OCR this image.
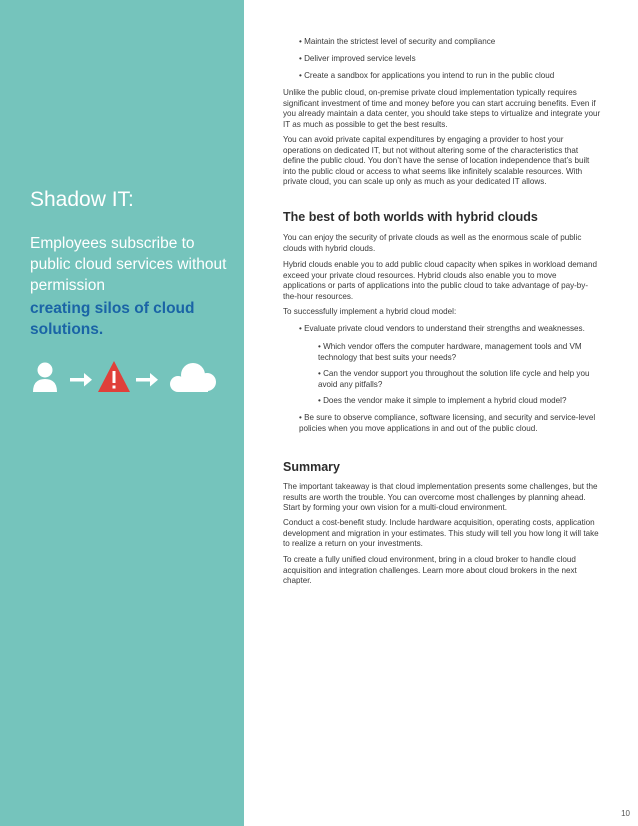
Shadow IT:
Employees subscribe to public cloud services without permission
creating silos of cloud solutions.
• Maintain the strictest level of security and compliance
• Deliver improved service levels
• Create a sandbox for applications you intend to run in the public cloud
Unlike the public cloud, on-premise private cloud implementation typically requires significant investment of time and money before you can start accruing benefits. Even if you already maintain a data center, you should take steps to virtualize and integrate your IT as much as possible to get the best results.
You can avoid private capital expenditures by engaging a provider to host your operations on dedicated IT, but not without altering some of the characteristics that define the public cloud. You don’t have the sense of location independence that’s built into the public cloud or access to what seems like infinitely scalable resources. With private cloud, you can scale up only as much as your dedicated IT allows.
The best of both worlds with hybrid clouds
You can enjoy the security of private clouds as well as the enormous scale of public clouds with hybrid clouds.
Hybrid clouds enable you to add public cloud capacity when spikes in workload demand exceed your private cloud resources. Hybrid clouds also enable you to move applications or parts of applications into the public cloud to take advantage of pay-by-the-hour resources.
To successfully implement a hybrid cloud model:
• Evaluate private cloud vendors to understand their strengths and weaknesses.
• Which vendor offers the computer hardware, management tools and VM technology that best suits your needs?
• Can the vendor support you throughout the solution life cycle and help you avoid any pitfalls?
• Does the vendor make it simple to implement a hybrid cloud model?
• Be sure to observe compliance, software licensing, and security and service-level policies when you move applications in and out of the public cloud.
Summary
The important takeaway is that cloud implementation presents some challenges, but the results are worth the trouble. You can overcome most challenges by planning ahead. Start by forming your own vision for a multi-cloud environment.
Conduct a cost-benefit study. Include hardware acquisition, operating costs, application development and migration in your estimates. This study will tell you how long it will take to realize a return on your investments.
To create a fully unified cloud environment, bring in a cloud broker to handle cloud acquisition and integration challenges. Learn more about cloud brokers in the next chapter.
10
